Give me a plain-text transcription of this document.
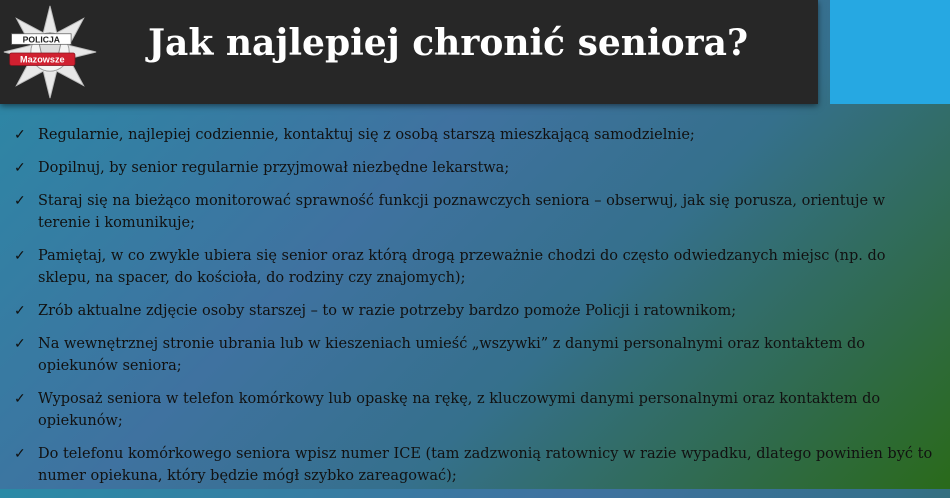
POLICJA
Mazowsze Jak najlepiej chronić seniora?
✓ Regularnie, najlepiej codziennie, kontaktuj się z osobą starszą mieszkającą samodzielnie;
✓ Dopilnuj, by senior regularnie przyjmował niezbędne lekarstwa;
✓ Staraj się na bieżąco monitorować sprawność funkcji poznawczych seniora – obserwuj, jak się porusza, orientuje w terenie i komunikuje;
✓ Pamiętaj, w co zwykle ubiera się senior oraz którą drogą przeważnie chodzi do często odwiedzanych miejsc (np. do sklepu, na spacer, do kościoła, do rodziny czy znajomych);
✓ Zrób aktualne zdjęcie osoby starszej – to w razie potrzeby bardzo pomoże Policji i ratownikom;
✓ Na wewnętrznej stronie ubrania lub w kieszeniach umieść „wszywki” z danymi personalnymi oraz kontaktem do opiekunów seniora;
✓ Wyposaż seniora w telefon komórkowy lub opaskę na rękę, z kluczowymi danymi personalnymi oraz kontaktem do opiekunów;
✓ Do telefonu komórkowego seniora wpisz numer ICE (tam zadzwonią ratownicy w razie wypadku, dlatego powinien być to numer opiekuna, który będzie mógł szybko zareagować);
